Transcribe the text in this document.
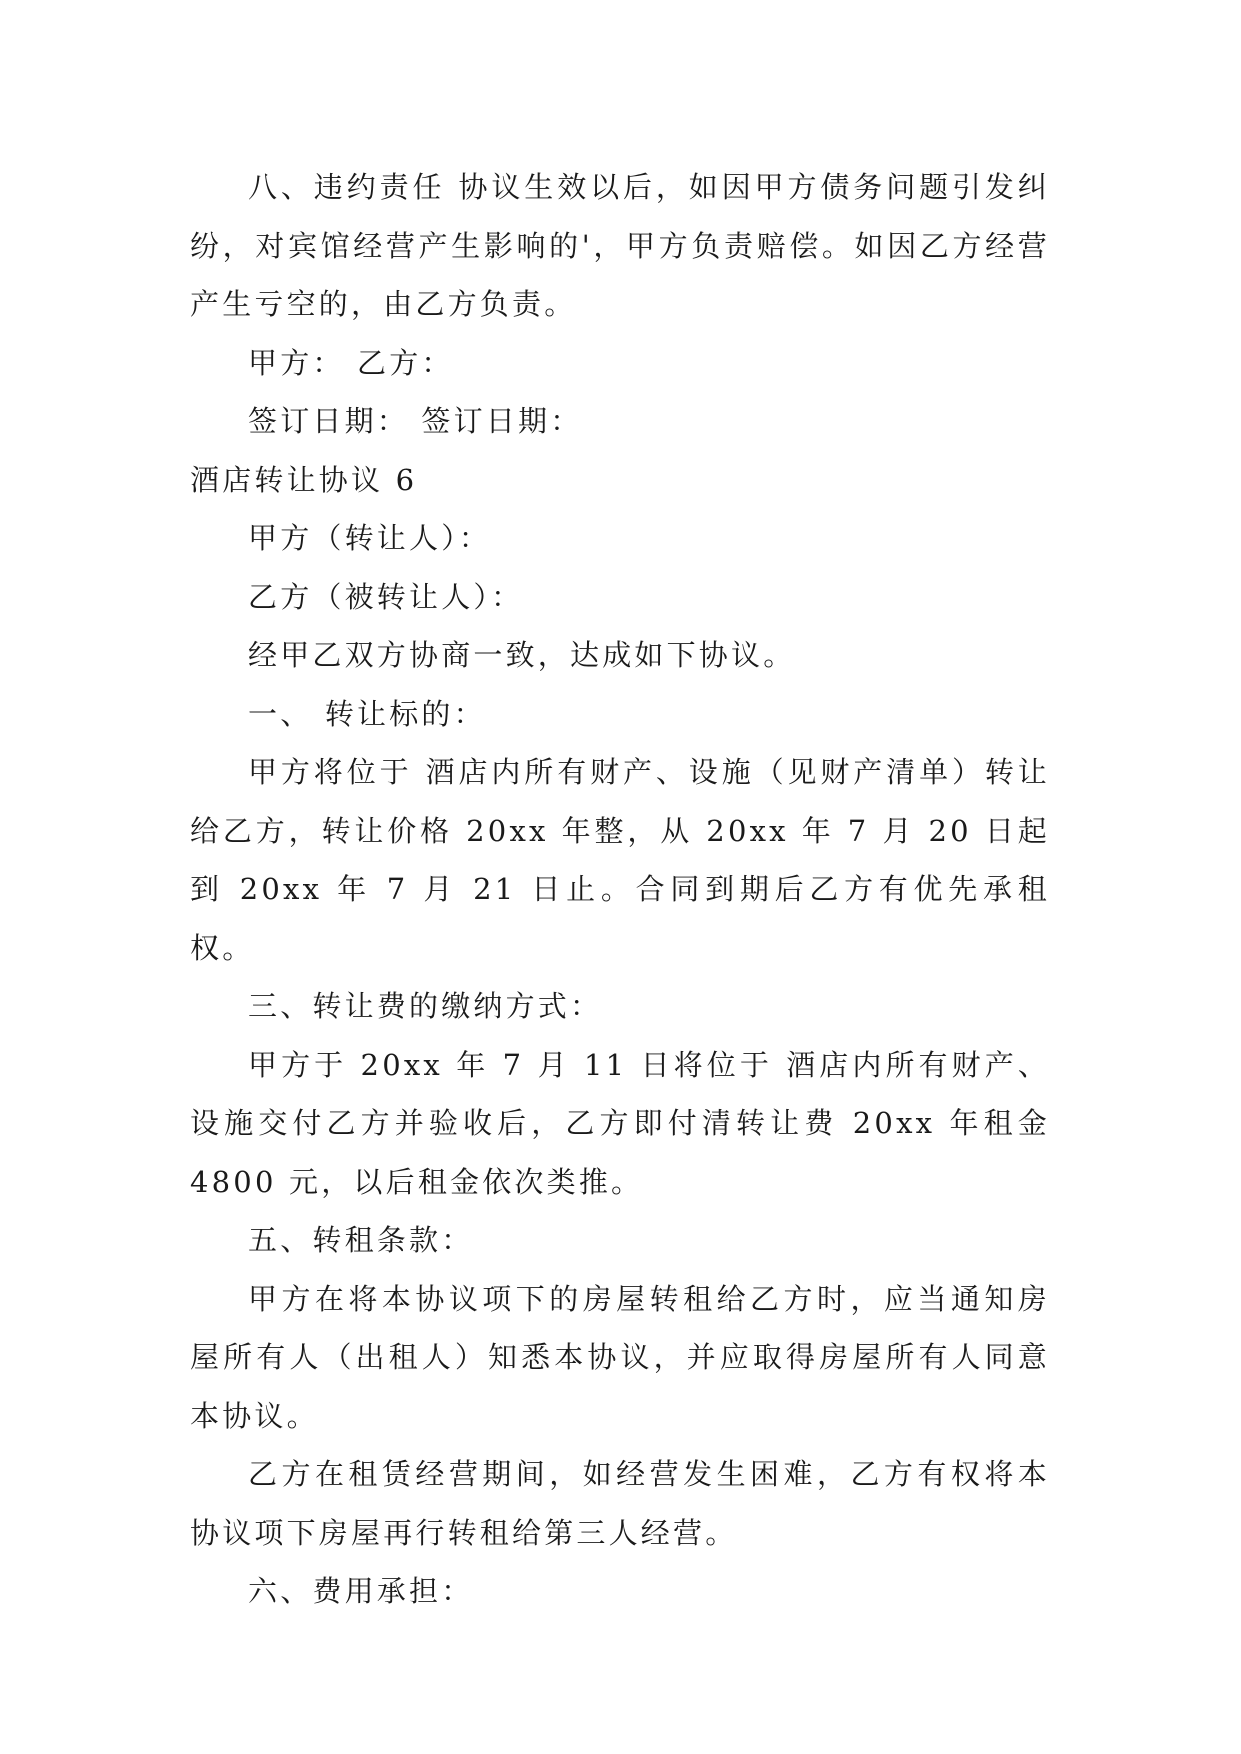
八、违约责任 协议生效以后，如因甲方债务问题引发纠纷，对宾馆经营产生影响的'，甲方负责赔偿。如因乙方经营产生亏空的，由乙方负责。

甲方： 乙方：

签订日期： 签订日期：

酒店转让协议 6

甲方（转让人）：

乙方（被转让人）：

经甲乙双方协商一致，达成如下协议。

一、 转让标的：

甲方将位于 酒店内所有财产、设施（见财产清单）转让给乙方，转让价格 20xx 年整，从 20xx 年 7 月 20 日起到 20xx 年 7 月 21 日止。合同到期后乙方有优先承租权。

三、转让费的缴纳方式：

甲方于 20xx 年 7 月 11 日将位于 酒店内所有财产、设施交付乙方并验收后，乙方即付清转让费 20xx 年租金 4800 元，以后租金依次类推。

五、转租条款：

甲方在将本协议项下的房屋转租给乙方时，应当通知房屋所有人（出租人）知悉本协议，并应取得房屋所有人同意本协议。

乙方在租赁经营期间，如经营发生困难，乙方有权将本协议项下房屋再行转租给第三人经营。

六、费用承担：
